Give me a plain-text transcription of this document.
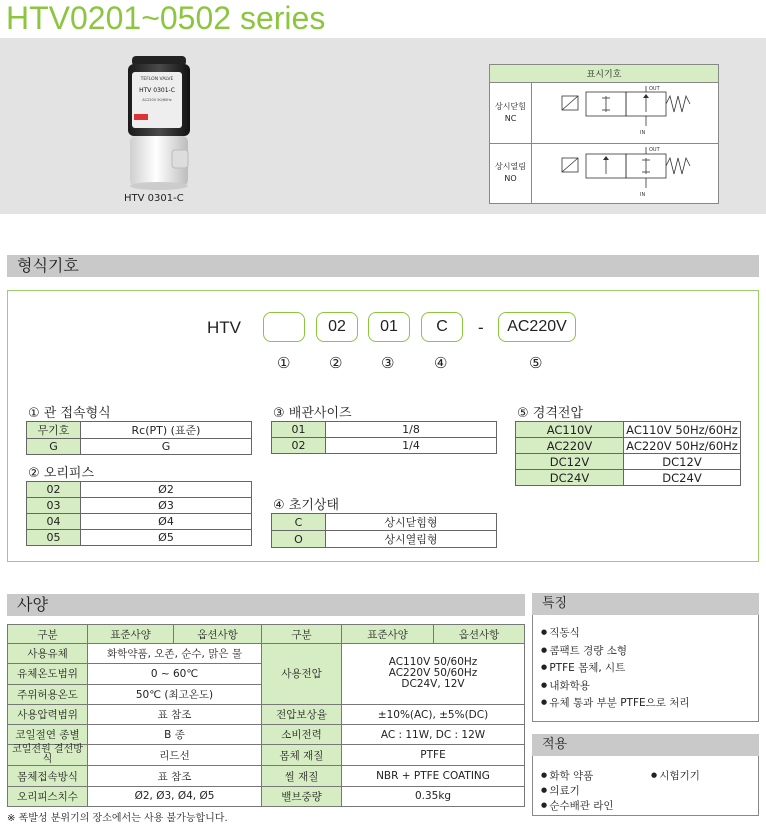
HTV0201~0502 series
TEFLON VALVE
HTV 0301-C
AC220V 50/60Hz
HTV 0301-C
표시기호	
상시닫힘
NC	OUT
IN

상시열림
NO	OUT
IN
형식기호
HTV	02	01	C	-	AC220V
①	②	③	④	⑤
① 관 접속형식
무기호	Rc(PT) (표준)
G	G
② 오리피스
02	Ø2
03	Ø3
04	Ø4
05	Ø5
③ 배관사이즈
01	1/8
02	1/4
④ 초기상태
C	상시닫힘형
O	상시열림형
⑤ 경격전압
AC110V	AC110V 50Hz/60Hz
AC220V	AC220V 50Hz/60Hz
DC12V	DC12V
DC24V	DC24V
사양
구분	표준사양	옵션사항	구분	표준사양	옵션사항
사용유체	화학약품, 오존, 순수, 맑은 물		사용전압	AC110V 50/60Hz
AC220V 50/60Hz
DC24V, 12V	
유체온도범위	0 ~ 60℃				
주위허용온도	50℃ (최고온도)				
사용압력범위	표 참조		전압보상율	±10%(AC), ±5%(DC)	
코일절연 종별	B 종		소비전력	AC : 11W, DC : 12W	
코일전원 결선방식	리드선		몸체 재질	PTFE	
몸체접속방식	표 참조		씰 재질	NBR + PTFE COATING	
오리피스치수	Ø2, Ø3, Ø4, Ø5		밸브중량	0.35kg	
특징
● 직동식
● 콤팩트 경량 소형
● PTFE 몸체, 시트
● 내화학용
● 유체 통과 부분 PTFE으로 처리
적용
● 화학 약품	● 시험기기
● 의료기
● 순수배관 라인
※ 폭발성 분위기의 장소에서는 사용 불가능합니다.
